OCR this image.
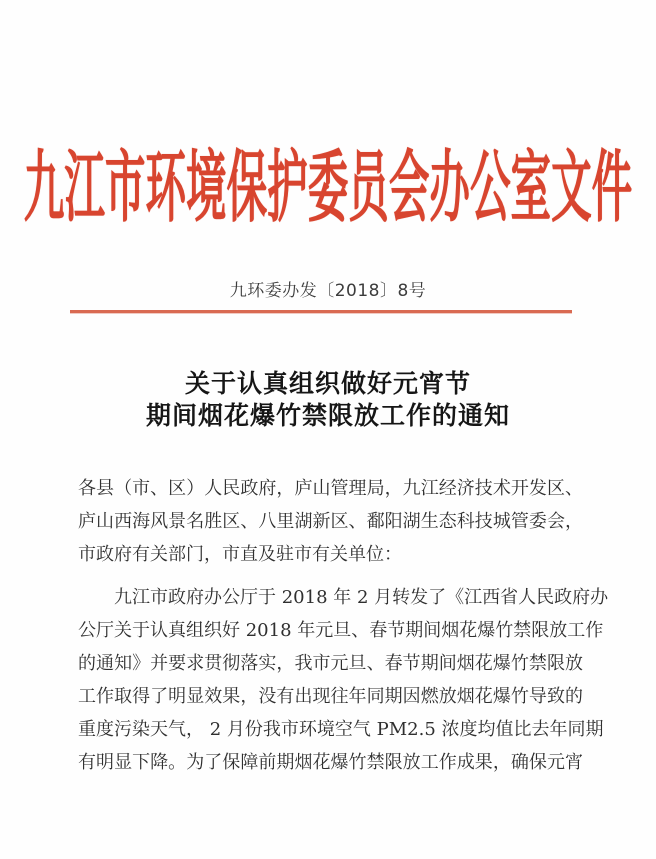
九江市环境保护委员会办公室文件
九环委办发〔2018〕8号
关于认真组织做好元宵节
期间烟花爆竹禁限放工作的通知
各县（市、区）人民政府，庐山管理局，九江经济技术开发区、
庐山西海风景名胜区、八里湖新区、鄱阳湖生态科技城管委会，
市政府有关部门，市直及驻市有关单位：
　　九江市政府办公厅于 2018 年 2 月转发了《江西省人民政府办
公厅关于认真组织好 2018 年元旦、春节期间烟花爆竹禁限放工作
的通知》并要求贯彻落实，我市元旦、春节期间烟花爆竹禁限放
工作取得了明显效果，没有出现往年同期因燃放烟花爆竹导致的
重度污染天气， 2 月份我市环境空气 PM2.5 浓度均值比去年同期
有明显下降。为了保障前期烟花爆竹禁限放工作成果，确保元宵
